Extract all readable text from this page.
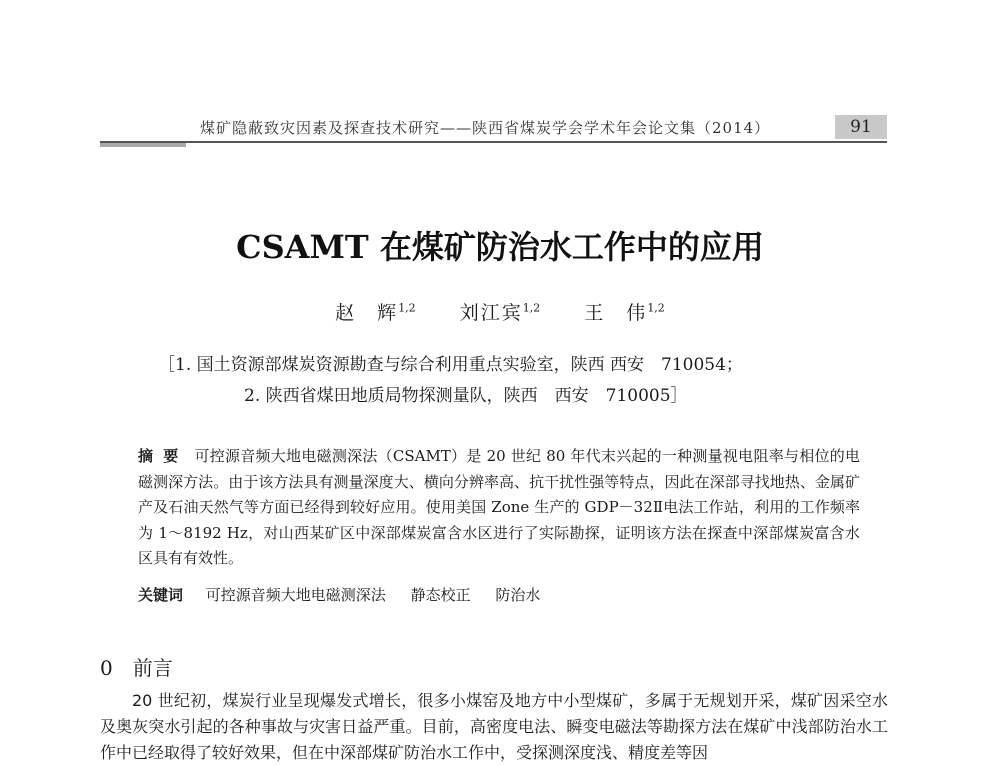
煤矿隐蔽致灾因素及探查技术研究——陕西省煤炭学会学术年会论文集（2014）	91
CSAMT 在煤矿防治水工作中的应用
赵　辉$^{1,2}$ 刘江宾$^{1,2}$ 王　伟$^{1,2}$
［1. 国土资源部煤炭资源勘查与综合利用重点实验室，陕西 西安　710054；
2. 陕西省煤田地质局物探测量队，陕西　西安　710005］
摘要 可控源音频大地电磁测深法（CSAMT）是 20 世纪 80 年代末兴起的一种测量视电阻率与相位的电磁测深方法。由于该方法具有测量深度大、横向分辨率高、抗干扰性强等特点，因此在深部寻找地热、金属矿产及石油天然气等方面已经得到较好应用。使用美国 Zone 生产的 GDP－32Ⅱ电法工作站，利用的工作频率为 1～8192 Hz，对山西某矿区中深部煤炭富含水区进行了实际勘探，证明该方法在探查中深部煤炭富含水区具有有效性。
关键词 可控源音频大地电磁测深法 静态校正 防治水
0 前言

20 世纪初，煤炭行业呈现爆发式增长，很多小煤窑及地方中小型煤矿，多属于无规划开采，煤矿因采空水及奥灰突水引起的各种事故与灾害日益严重。目前，高密度电法、瞬变电磁法等勘探方法在煤矿中浅部防治水工作中已经取得了较好效果，但在中深部煤矿防治水工作中，受探测深度浅、精度差等因
